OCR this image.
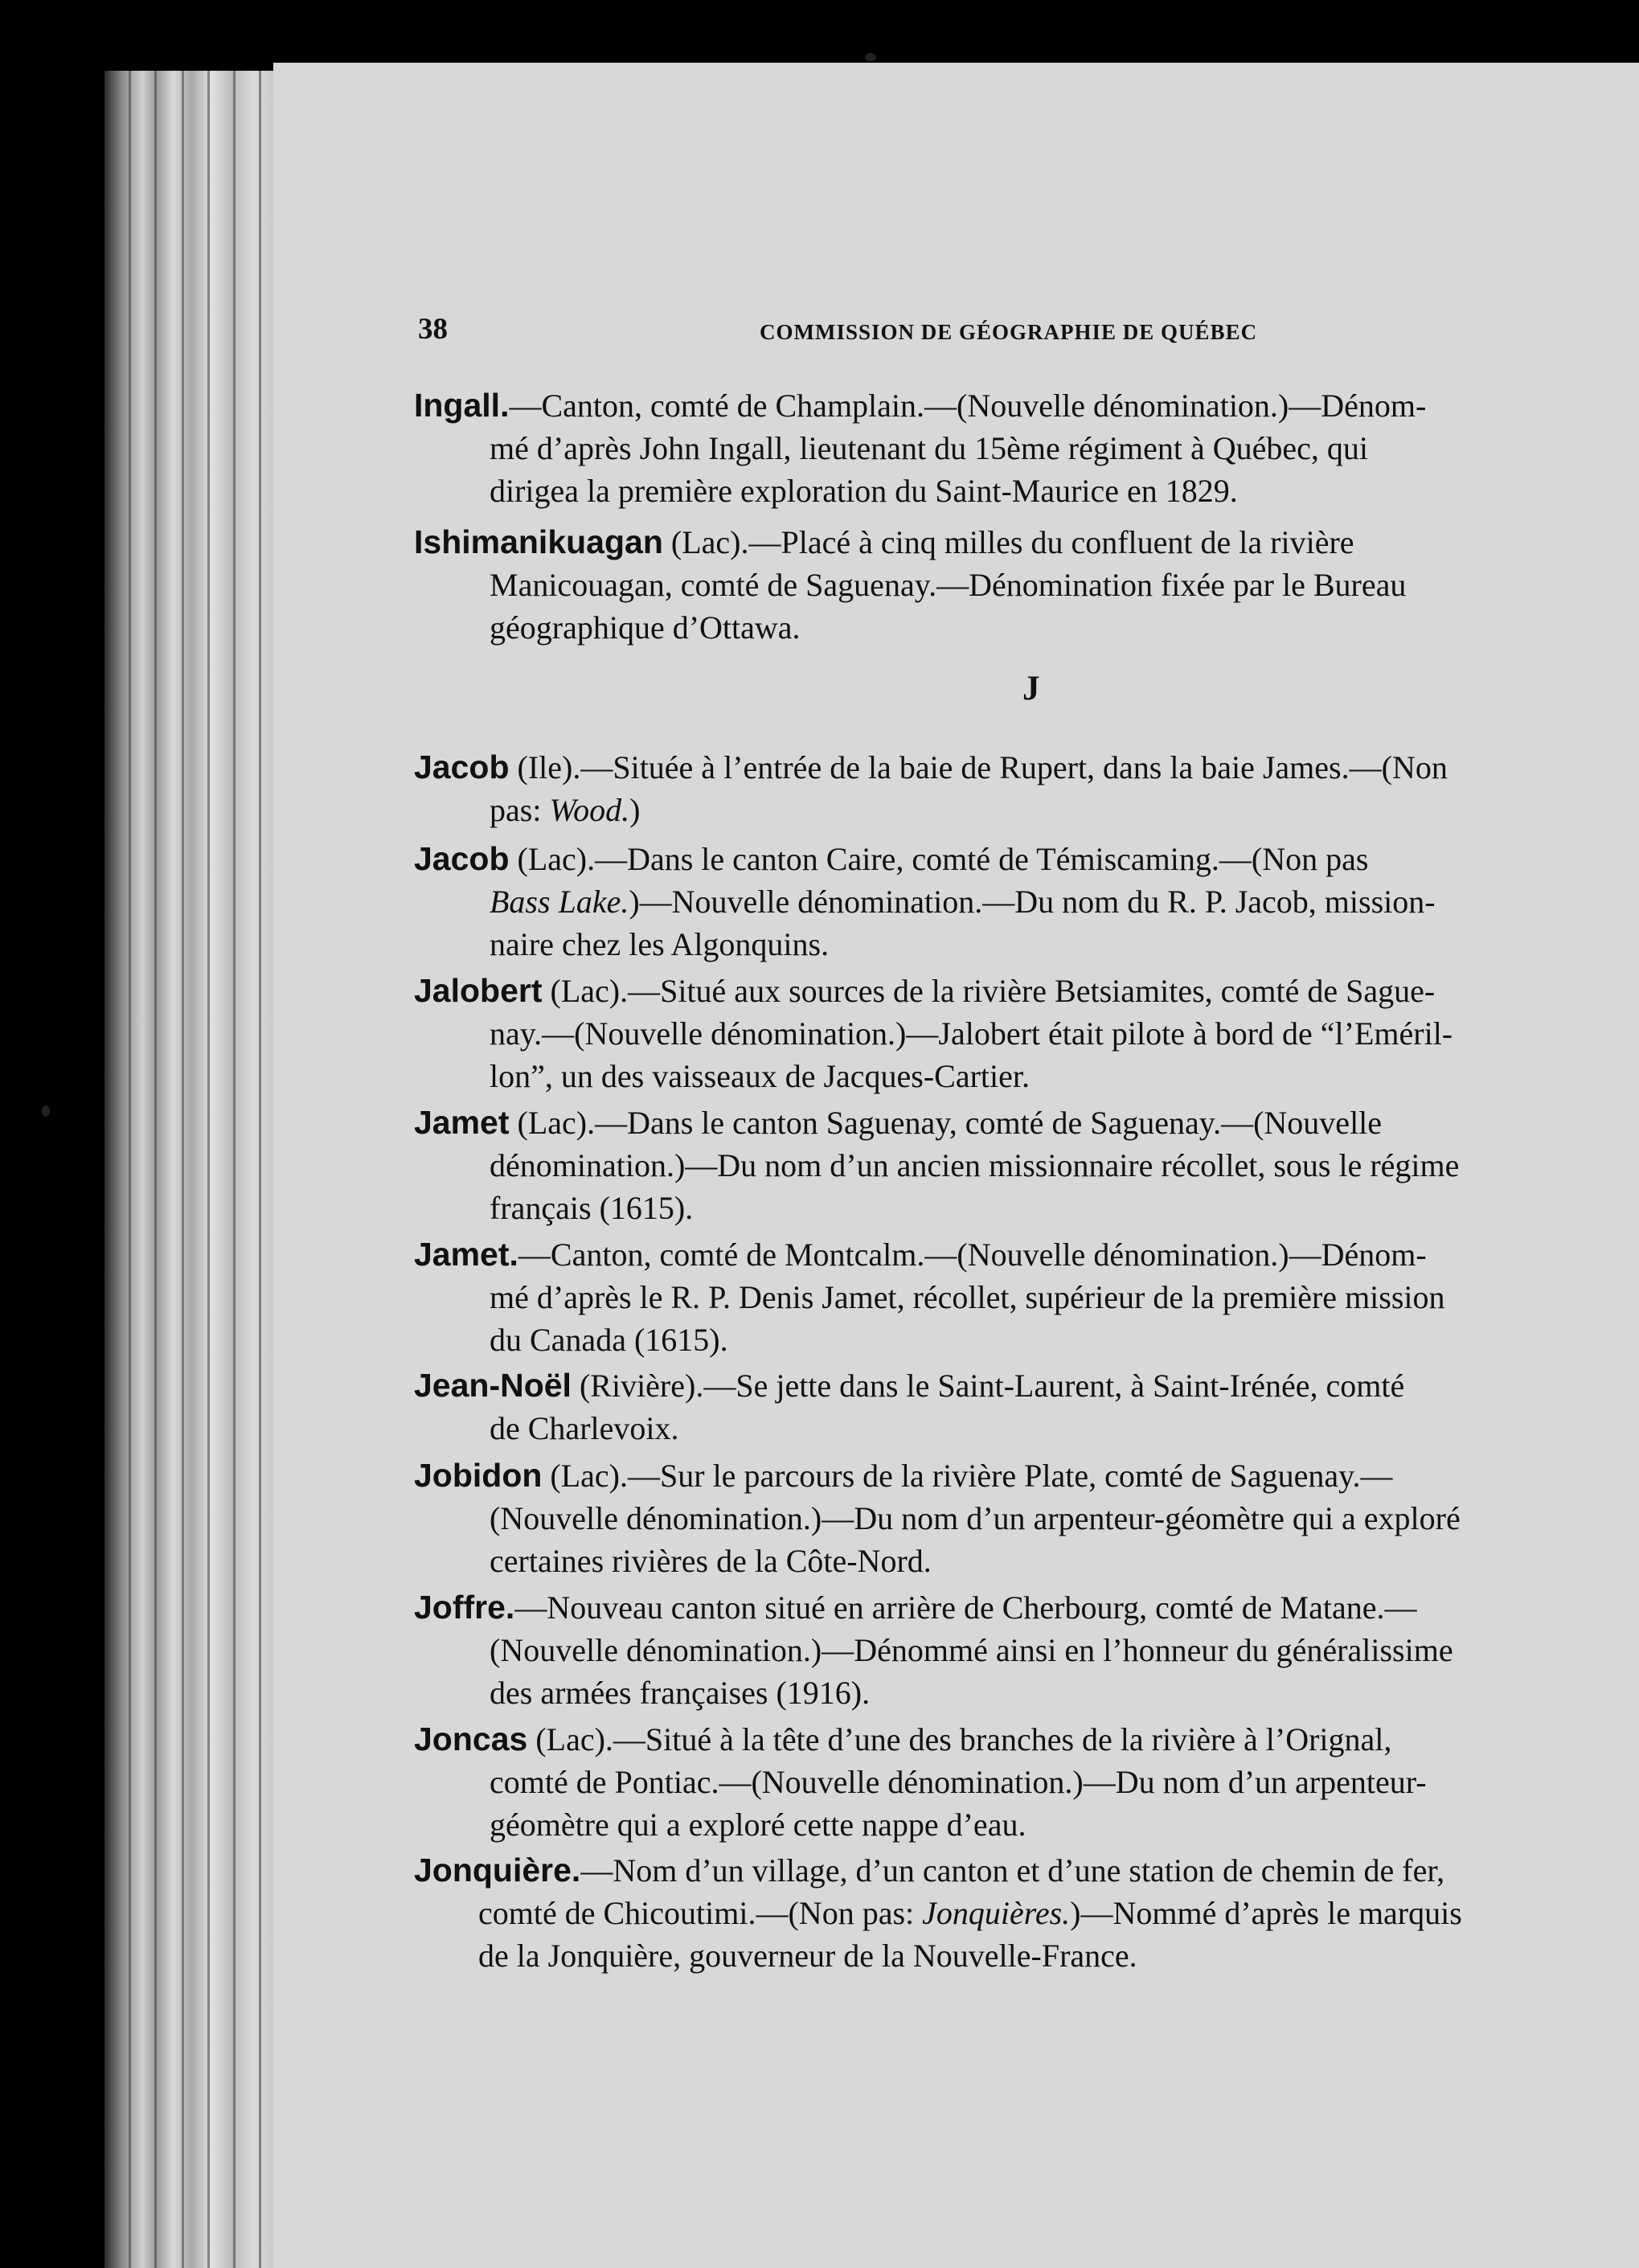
38	COMMISSION DE GÉOGRAPHIE DE QUÉBEC
Ingall.—Canton, comté de Champlain.—(Nouvelle dénomination.)—Dénom-
mé d’après John Ingall, lieutenant du 15ème régiment à Québec, qui
dirigea la première exploration du Saint-Maurice en 1829.
Ishimanikuagan (Lac).—Placé à cinq milles du confluent de la rivière
Manicouagan, comté de Saguenay.—Dénomination fixée par le Bureau
géographique d’Ottawa.
J
Jacob (Ile).—Située à l’entrée de la baie de Rupert, dans la baie James.—(Non
pas: Wood.)
Jacob (Lac).—Dans le canton Caire, comté de Témiscaming.—(Non pas
Bass Lake.)—Nouvelle dénomination.—Du nom du R. P. Jacob, mission-
naire chez les Algonquins.
Jalobert (Lac).—Situé aux sources de la rivière Betsiamites, comté de Sague-
nay.—(Nouvelle dénomination.)—Jalobert était pilote à bord de “l’Eméril-
lon”, un des vaisseaux de Jacques-Cartier.
Jamet (Lac).—Dans le canton Saguenay, comté de Saguenay.—(Nouvelle
dénomination.)—Du nom d’un ancien missionnaire récollet, sous le régime
français (1615).
Jamet.—Canton, comté de Montcalm.—(Nouvelle dénomination.)—Dénom-
mé d’après le R. P. Denis Jamet, récollet, supérieur de la première mission
du Canada (1615).
Jean-Noël (Rivière).—Se jette dans le Saint-Laurent, à Saint-Irénée, comté
de Charlevoix.
Jobidon (Lac).—Sur le parcours de la rivière Plate, comté de Saguenay.—
(Nouvelle dénomination.)—Du nom d’un arpenteur-géomètre qui a exploré
certaines rivières de la Côte-Nord.
Joffre.—Nouveau canton situé en arrière de Cherbourg, comté de Matane.—
(Nouvelle dénomination.)—Dénommé ainsi en l’honneur du généralissime
des armées françaises (1916).
Joncas (Lac).—Situé à la tête d’une des branches de la rivière à l’Orignal,
comté de Pontiac.—(Nouvelle dénomination.)—Du nom d’un arpenteur-
géomètre qui a exploré cette nappe d’eau.
Jonquière.—Nom d’un village, d’un canton et d’une station de chemin de fer,
comté de Chicoutimi.—(Non pas: Jonquières.)—Nommé d’après le marquis
de la Jonquière, gouverneur de la Nouvelle-France.
